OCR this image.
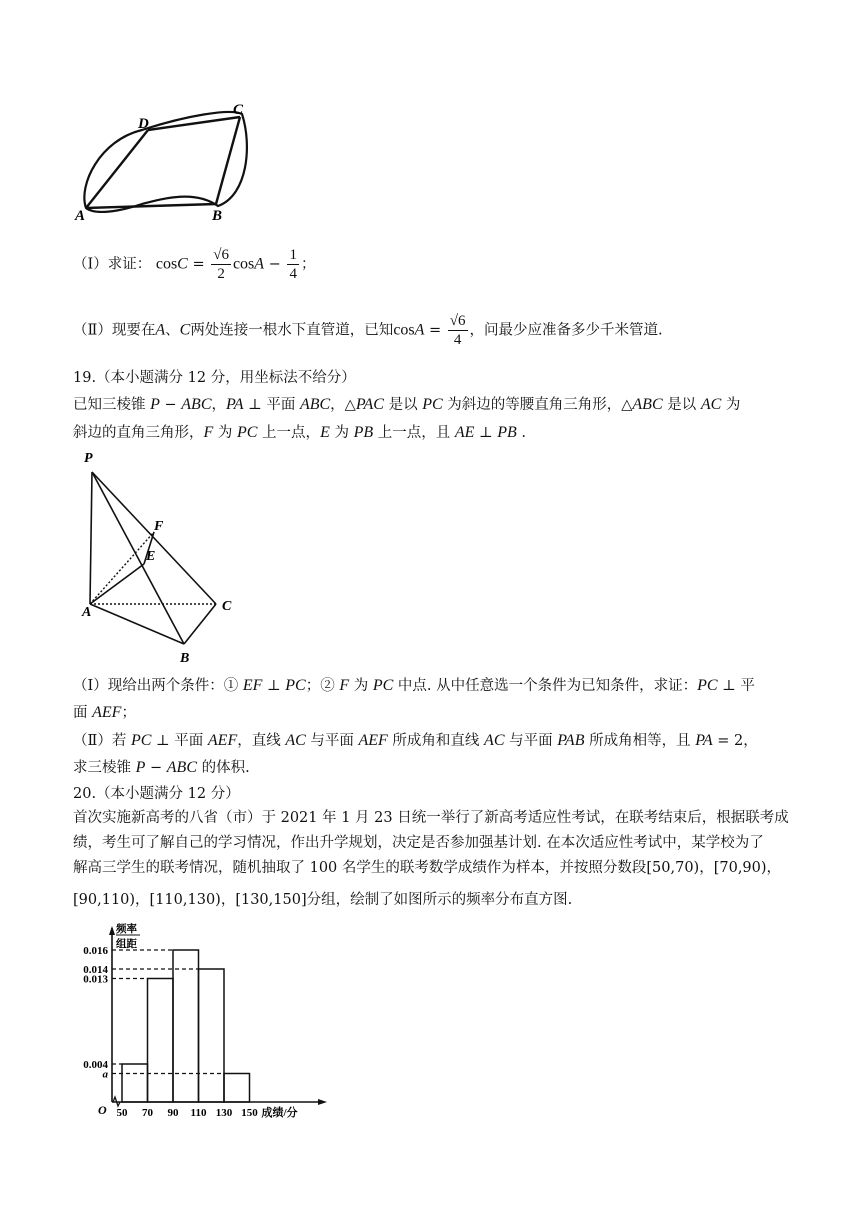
D
C
A	B
（Ⅰ）求证： $\cos C = \frac{√6}{2}$ $\cos A - \frac{1}{4}$ ；
（Ⅱ）现要在A、C两处连接一根水下直管道，已知$\cos A = \frac{√6}{4}$ ，问最少应准备多少千米管道.
19.（本小题满分 12 分，用坐标法不给分）
已知三棱锥 P − ABC，PA ⊥ 平面 ABC，△PAC 是以 PC 为斜边的等腰直角三角形，△ABC 是以 AC 为
斜边的直角三角形，F 为 PC 上一点，E 为 PB 上一点，且 AE ⊥ PB .
P
F
E
A	C
B
（Ⅰ）现给出两个条件：① EF ⊥ PC；② F 为 PC 中点. 从中任意选一个条件为已知条件，求证：PC ⊥ 平
面 AEF；
（Ⅱ）若 PC ⊥ 平面 AEF，直线 AC 与平面 AEF 所成角和直线 AC 与平面 PAB 所成角相等，且 PA = 2，
求三棱锥 P − ABC 的体积.
20.（本小题满分 12 分）
首次实施新高考的八省（市）于 2021 年 1 月 23 日统一举行了新高考适应性考试，在联考结束后，根据联考成
绩，考生可了解自己的学习情况，作出升学规划，决定是否参加强基计划. 在本次适应性考试中，某学校为了
解高三学生的联考情况，随机抽取了 100 名学生的联考数学成绩作为样本，并按照分数段[50,70)，[70,90)，
[90,110)，[110,130)，[130,150]分组，绘制了如图所示的频率分布直方图.
0.016
0.014
0.013
0.004
a
50 70 90 110 130 150
O	成绩/分
频率
组距
